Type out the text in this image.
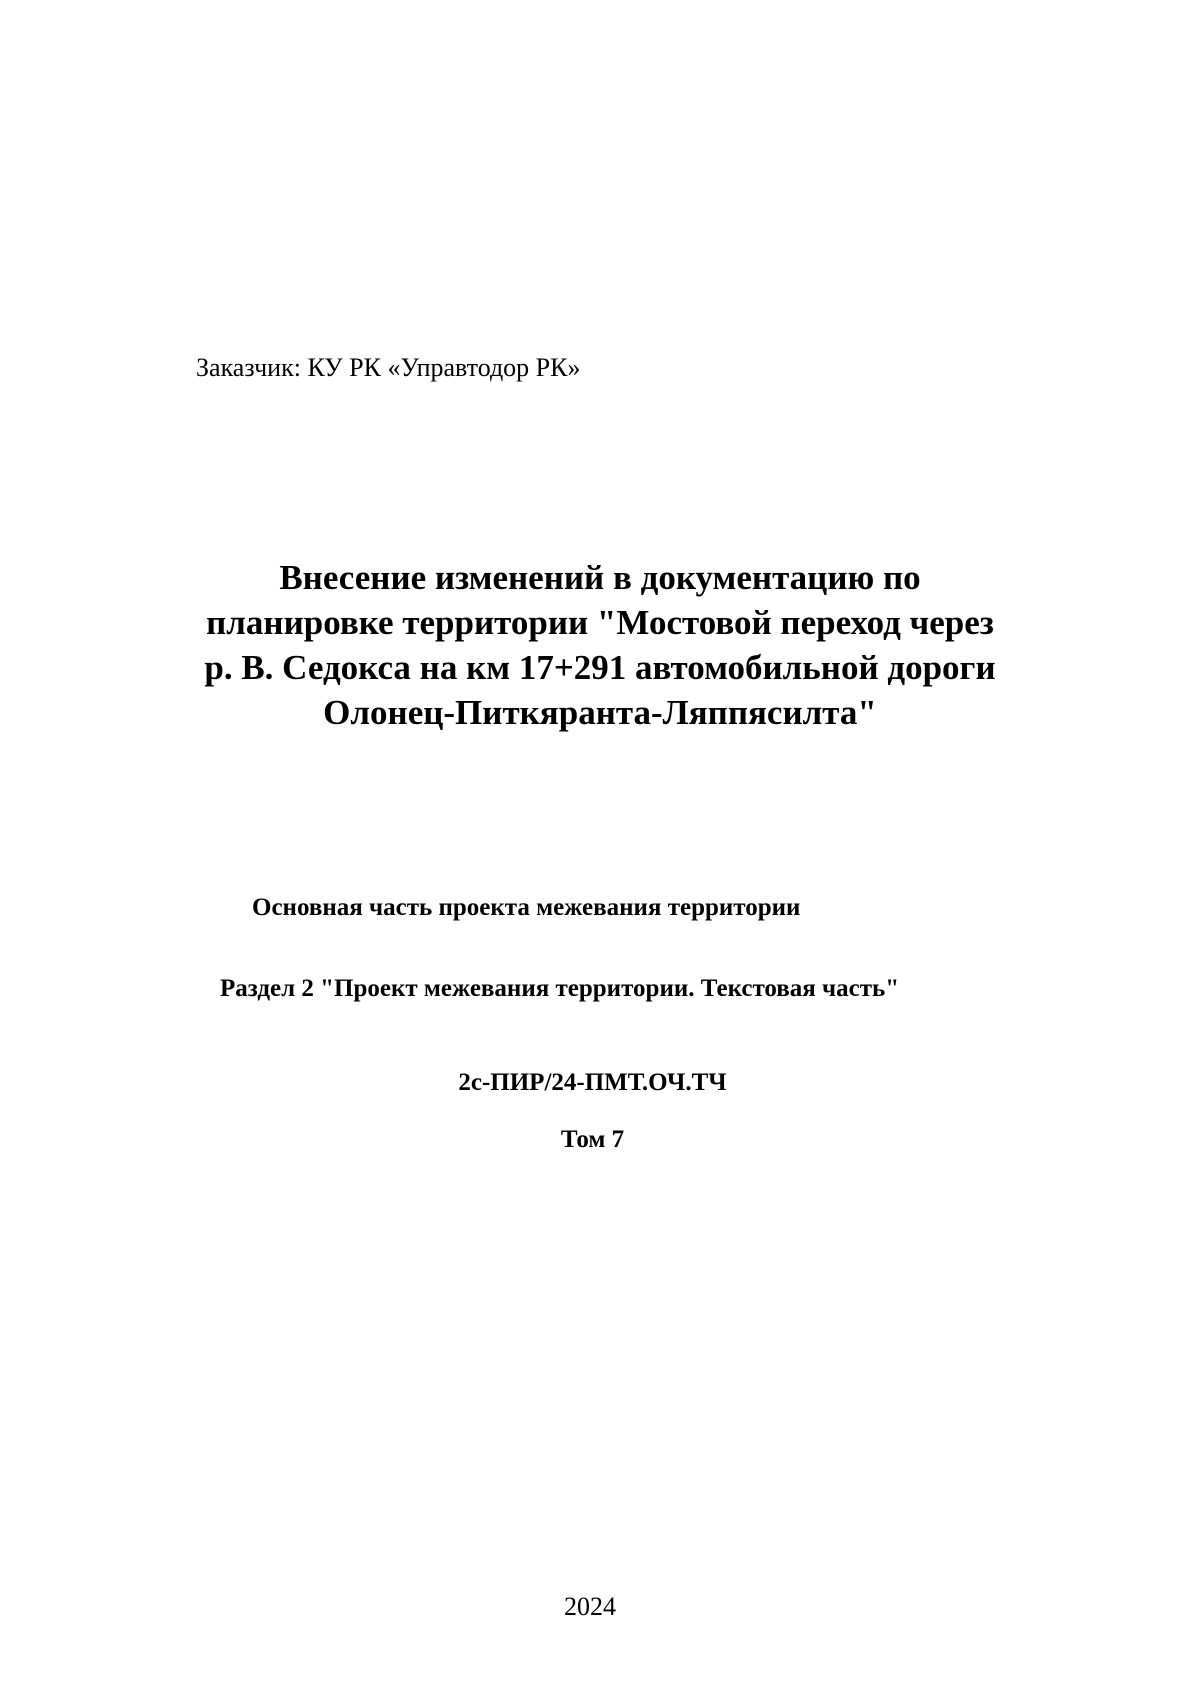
Заказчик: КУ РК «Управтодор РК»
Внесение изменений в документацию по
планировке территории "Мостовой переход через
р. В. Седокса на км 17+291 автомобильной дороги
Олонец-Питкяранта-Ляппясилта"
Основная часть проекта межевания территории
Раздел 2 "Проект межевания территории. Текстовая часть"
2с-ПИР/24-ПМТ.ОЧ.ТЧ
Том 7
2024
